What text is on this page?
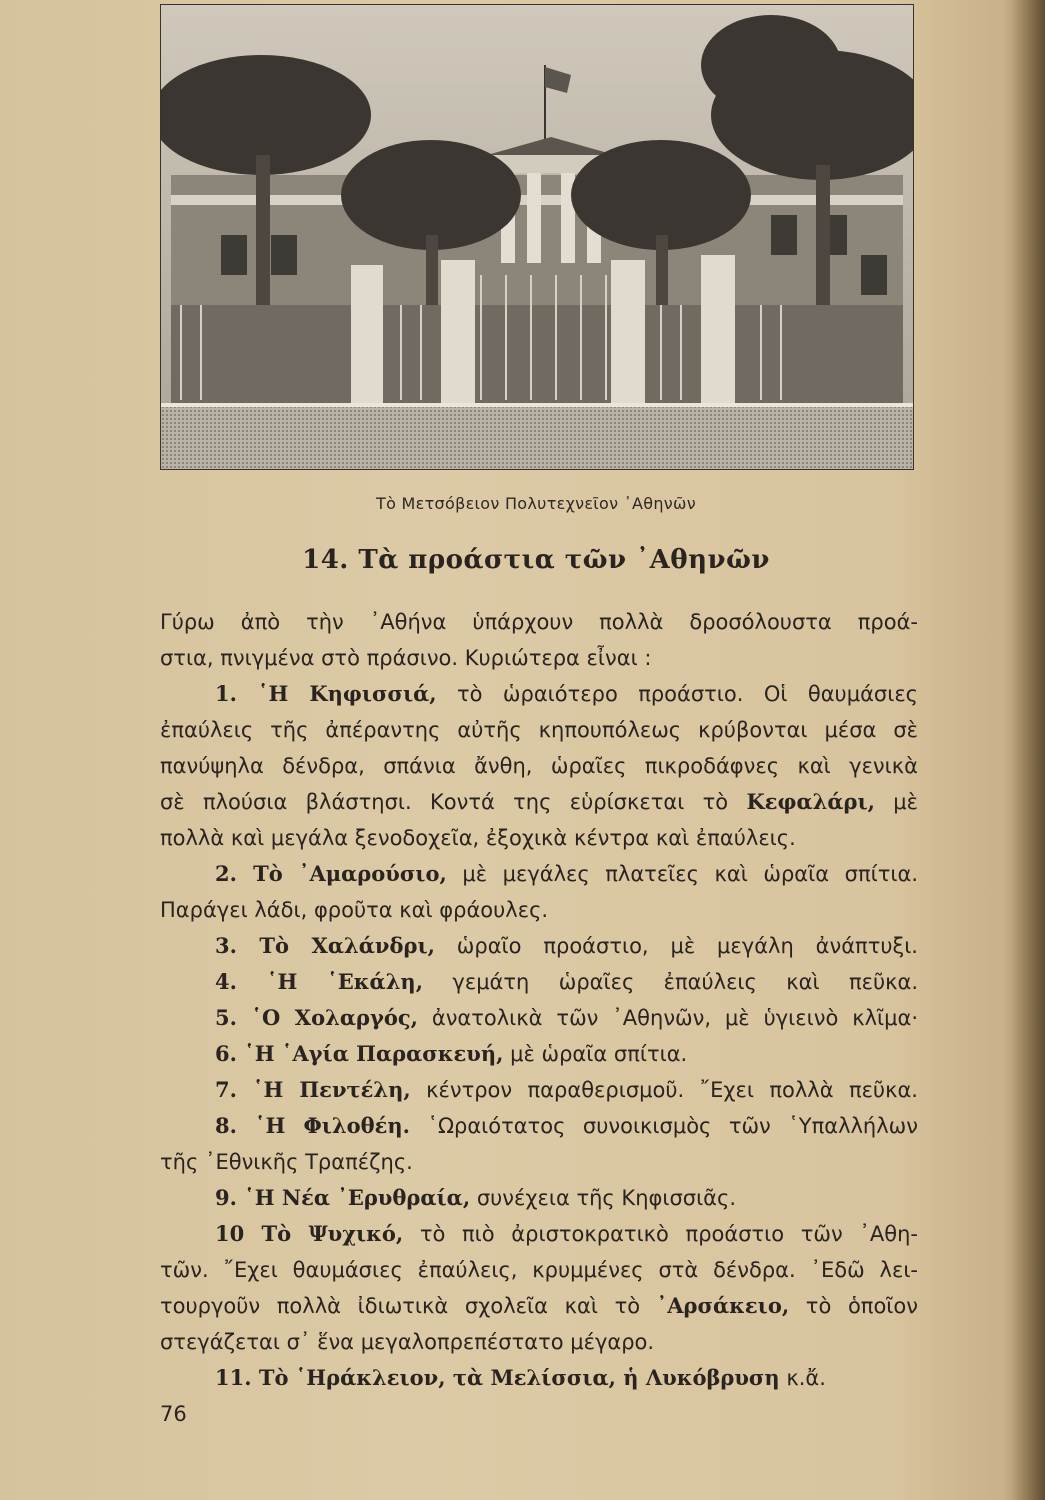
Τὸ Μετσόβειον Πολυτεχνεῖον ᾿Αθηνῶν
14. Τὰ προάστια τῶν ᾿Αθηνῶν
Γύρω ἀπὸ τὴν ᾿Αθήνα ὑπάρχουν πολλὰ δροσόλουστα προά-
στια, πνιγμένα στὸ πράσινο. Κυριώτερα εἶναι :
1. ῾Η Κηφισσιά, τὸ ὡραιότερο προάστιο. Οἱ θαυμάσιες
ἐπαύλεις τῆς ἀπέραντης αὐτῆς κηπουπόλεως κρύβονται μέσα σὲ
πανύψηλα δένδρα, σπάνια ἄνθη, ὡραῖες πικροδάφνες καὶ γενικὰ
σὲ πλούσια βλάστησι. Κοντά της εὑρίσκεται τὸ Κεφαλάρι, μὲ
πολλὰ καὶ μεγάλα ξενοδοχεῖα, ἐξοχικὰ κέντρα καὶ ἐπαύλεις.
2. Τὸ ᾿Αμαρούσιο, μὲ μεγάλες πλατεῖες καὶ ὡραῖα σπίτια.
Παράγει λάδι, φροῦτα καὶ φράουλες.
3. Τὸ Χαλάνδρι, ὡραῖο προάστιο, μὲ μεγάλη ἀνάπτυξι.
4. ῾Η ῾Εκάλη, γεμάτη ὡραῖες ἐπαύλεις καὶ πεῦκα.
5. ῾Ο Χολαργός, ἀνατολικὰ τῶν ᾿Αθηνῶν, μὲ ὑγιεινὸ κλῖμα·
6. ῾Η ῾Αγία Παρασκευή, μὲ ὡραῖα σπίτια.
7. ῾Η Πεντέλη, κέντρον παραθερισμοῦ. ῎Εχει πολλὰ πεῦκα.
8. ῾Η Φιλοθέη. ῾Ωραιότατος συνοικισμὸς τῶν ῾Υπαλλήλων
τῆς ᾿Εθνικῆς Τραπέζης.
9. ῾Η Νέα ᾿Ερυθραία, συνέχεια τῆς Κηφισσιᾶς.
10 Τὸ Ψυχικό, τὸ πιὸ ἀριστοκρατικὸ προάστιο τῶν ᾿Αθη-
τῶν. ῎Εχει θαυμάσιες ἐπαύλεις, κρυμμένες στὰ δένδρα. ᾿Εδῶ λει-
τουργοῦν πολλὰ ἰδιωτικὰ σχολεῖα καὶ τὸ ᾿Αρσάκειο, τὸ ὁποῖον
στεγάζεται σ᾿ ἕνα μεγαλοπρεπέστατο μέγαρο.
11. Τὸ ῾Ηράκλειον, τὰ Μελίσσια, ἡ Λυκόβρυση κ.ἄ.
76
